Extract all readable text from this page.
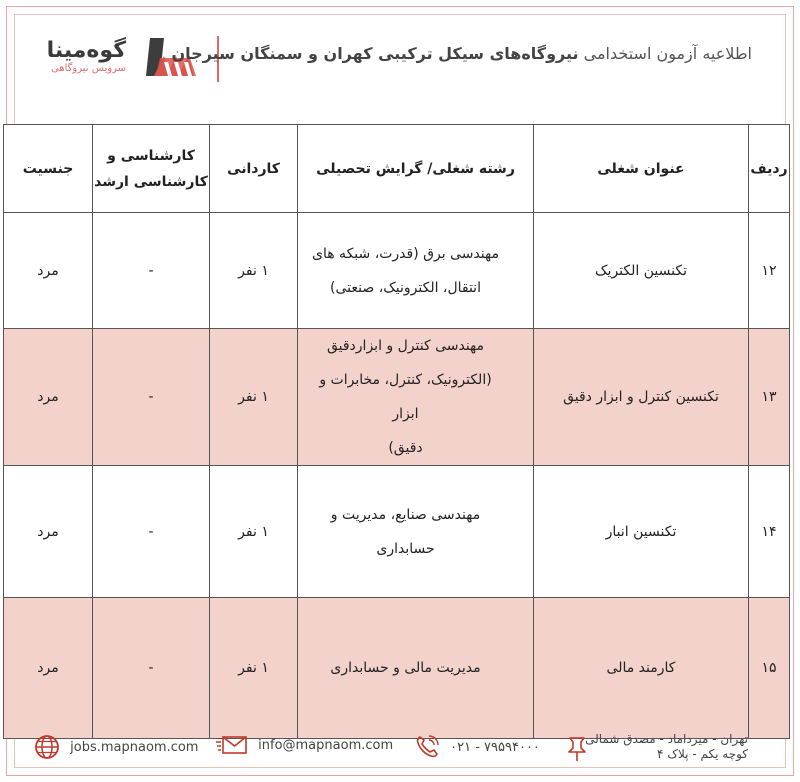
گوه‌مینا
سرویس نیروگاهی
اطلاعیه آزمون استخدامی نیروگاه‌های سیکل ترکیبی کهران و سمنگان سیرجان
ردیف	عنوان شغلی	رشته شغلی/ گرایش تحصیلی	کاردانی	کارشناسی و
کارشناسی ارشد	جنسیت
۱۲	تکنسین الکتریک	مهندسی برق (قدرت، شبکه های
انتقال، الکترونیک، صنعتی)	۱ نفر	-	مرد
۱۳	تکنسین کنترل و ابزار دقیق	مهندسی کنترل و ابزاردقیق
(الکترونیک، کنترل، مخابرات و ابزار
دقیق)	۱ نفر	-	مرد
۱۴	تکنسین انبار	مهندسی صنایع، مدیریت و
حسابداری	۱ نفر	-	مرد
۱۵	کارمند مالی	مدیریت مالی و حسابداری	۱ نفر	-	مرد
jobs.mapnaom.com	info@mapnaom.com	۰۲۱ - ۷۹۵۹۴۰۰۰
تهران - میرداماد - مصدق شمالی
کوچه یکم - پلاک ۴
